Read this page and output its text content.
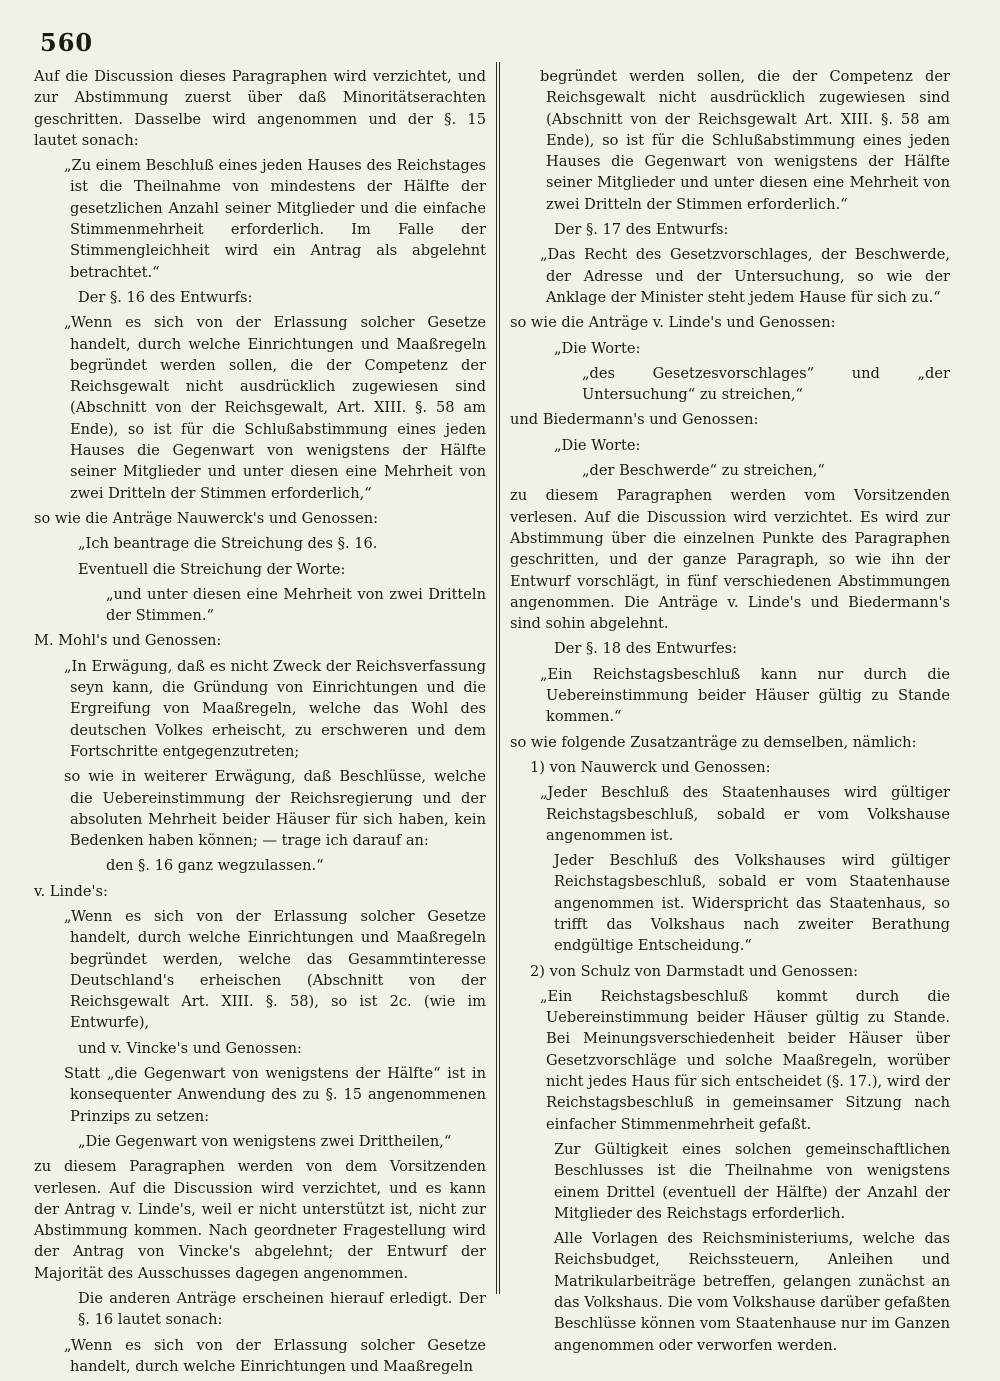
560

Auf die Discussion dieses Paragraphen wird verzichtet, und zur Abstimmung zuerst über daß Minoritätserachten geschritten. Dasselbe wird angenommen und der §. 15 lautet sonach:

„Zu einem Beschluß eines jeden Hauses des Reichstages ist die Theilnahme von mindestens der Hälfte der gesetzlichen Anzahl seiner Mitglieder und die einfache Stimmenmehrheit erforderlich. Im Falle der Stimmengleichheit wird ein Antrag als abgelehnt betrachtet.“

Der §. 16 des Entwurfs:

„Wenn es sich von der Erlassung solcher Gesetze handelt, durch welche Einrichtungen und Maaßregeln begründet werden sollen, die der Competenz der Reichsgewalt nicht ausdrücklich zugewiesen sind (Abschnitt von der Reichsgewalt, Art. XIII. §. 58 am Ende), so ist für die Schlußabstimmung eines jeden Hauses die Gegenwart von wenigstens der Hälfte seiner Mitglieder und unter diesen eine Mehrheit von zwei Dritteln der Stimmen erforderlich,“

so wie die Anträge Nauwerck's und Genossen:

„Ich beantrage die Streichung des §. 16.

Eventuell die Streichung der Worte:

„und unter diesen eine Mehrheit von zwei Dritteln der Stimmen.“

M. Mohl's und Genossen:

„In Erwägung, daß es nicht Zweck der Reichsverfassung seyn kann, die Gründung von Einrichtungen und die Ergreifung von Maaßregeln, welche das Wohl des deutschen Volkes erheischt, zu erschweren und dem Fortschritte entgegenzutreten;

so wie in weiterer Erwägung, daß Beschlüsse, welche die Uebereinstimmung der Reichsregierung und der absoluten Mehrheit beider Häuser für sich haben, kein Bedenken haben können; — trage ich darauf an:

den §. 16 ganz wegzulassen.“

v. Linde's:

„Wenn es sich von der Erlassung solcher Gesetze handelt, durch welche Einrichtungen und Maaßregeln begründet werden, welche das Gesammtinteresse Deutschland's erheischen (Abschnitt von der Reichsgewalt Art. XIII. §. 58), so ist 2c. (wie im Entwurfe),

und v. Vincke's und Genossen:

Statt „die Gegenwart von wenigstens der Hälfte“ ist in konsequenter Anwendung des zu §. 15 angenommenen Prinzips zu setzen:

„Die Gegenwart von wenigstens zwei Drittheilen,“

zu diesem Paragraphen werden von dem Vorsitzenden verlesen. Auf die Discussion wird verzichtet, und es kann der Antrag v. Linde's, weil er nicht unterstützt ist, nicht zur Abstimmung kommen. Nach geordneter Fragestellung wird der Antrag von Vincke's abgelehnt; der Entwurf der Majorität des Ausschusses dagegen angenommen.

Die anderen Anträge erscheinen hierauf erledigt. Der §. 16 lautet sonach:

„Wenn es sich von der Erlassung solcher Gesetze handelt, durch welche Einrichtungen und Maaßregeln

begründet werden sollen, die der Competenz der Reichsgewalt nicht ausdrücklich zugewiesen sind (Abschnitt von der Reichsgewalt Art. XIII. §. 58 am Ende), so ist für die Schlußabstimmung eines jeden Hauses die Gegenwart von wenigstens der Hälfte seiner Mitglieder und unter diesen eine Mehrheit von zwei Dritteln der Stimmen erforderlich.“

Der §. 17 des Entwurfs:

„Das Recht des Gesetzvorschlages, der Beschwerde, der Adresse und der Untersuchung, so wie der Anklage der Minister steht jedem Hause für sich zu.“

so wie die Anträge v. Linde's und Genossen:

„Die Worte:

„des Gesetzesvorschlages“ und „der Untersuchung“ zu streichen,“

und Biedermann's und Genossen:

„Die Worte:

„der Beschwerde“ zu streichen,“

zu diesem Paragraphen werden vom Vorsitzenden verlesen. Auf die Discussion wird verzichtet. Es wird zur Abstimmung über die einzelnen Punkte des Paragraphen geschritten, und der ganze Paragraph, so wie ihn der Entwurf vorschlägt, in fünf verschiedenen Abstimmungen angenommen. Die Anträge v. Linde's und Biedermann's sind sohin abgelehnt.

Der §. 18 des Entwurfes:

„Ein Reichstagsbeschluß kann nur durch die Uebereinstimmung beider Häuser gültig zu Stande kommen.“

so wie folgende Zusatzanträge zu demselben, nämlich:

1) von Nauwerck und Genossen:

„Jeder Beschluß des Staatenhauses wird gültiger Reichstagsbeschluß, sobald er vom Volkshause angenommen ist.

Jeder Beschluß des Volkshauses wird gültiger Reichstagsbeschluß, sobald er vom Staatenhause angenommen ist. Widerspricht das Staatenhaus, so trifft das Volkshaus nach zweiter Berathung endgültige Entscheidung.“

2) von Schulz von Darmstadt und Genossen:

„Ein Reichstagsbeschluß kommt durch die Uebereinstimmung beider Häuser gültig zu Stande. Bei Meinungsverschiedenheit beider Häuser über Gesetzvorschläge und solche Maaßregeln, worüber nicht jedes Haus für sich entscheidet (§. 17.), wird der Reichstagsbeschluß in gemeinsamer Sitzung nach einfacher Stimmenmehrheit gefaßt.

Zur Gültigkeit eines solchen gemeinschaftlichen Beschlusses ist die Theilnahme von wenigstens einem Drittel (eventuell der Hälfte) der Anzahl der Mitglieder des Reichstags erforderlich.

Alle Vorlagen des Reichsministeriums, welche das Reichsbudget, Reichssteuern, Anleihen und Matrikularbeiträge betreffen, gelangen zunächst an das Volkshaus. Die vom Volkshause darüber gefaßten Beschlüsse können vom Staatenhause nur im Ganzen angenommen oder verworfen werden.
